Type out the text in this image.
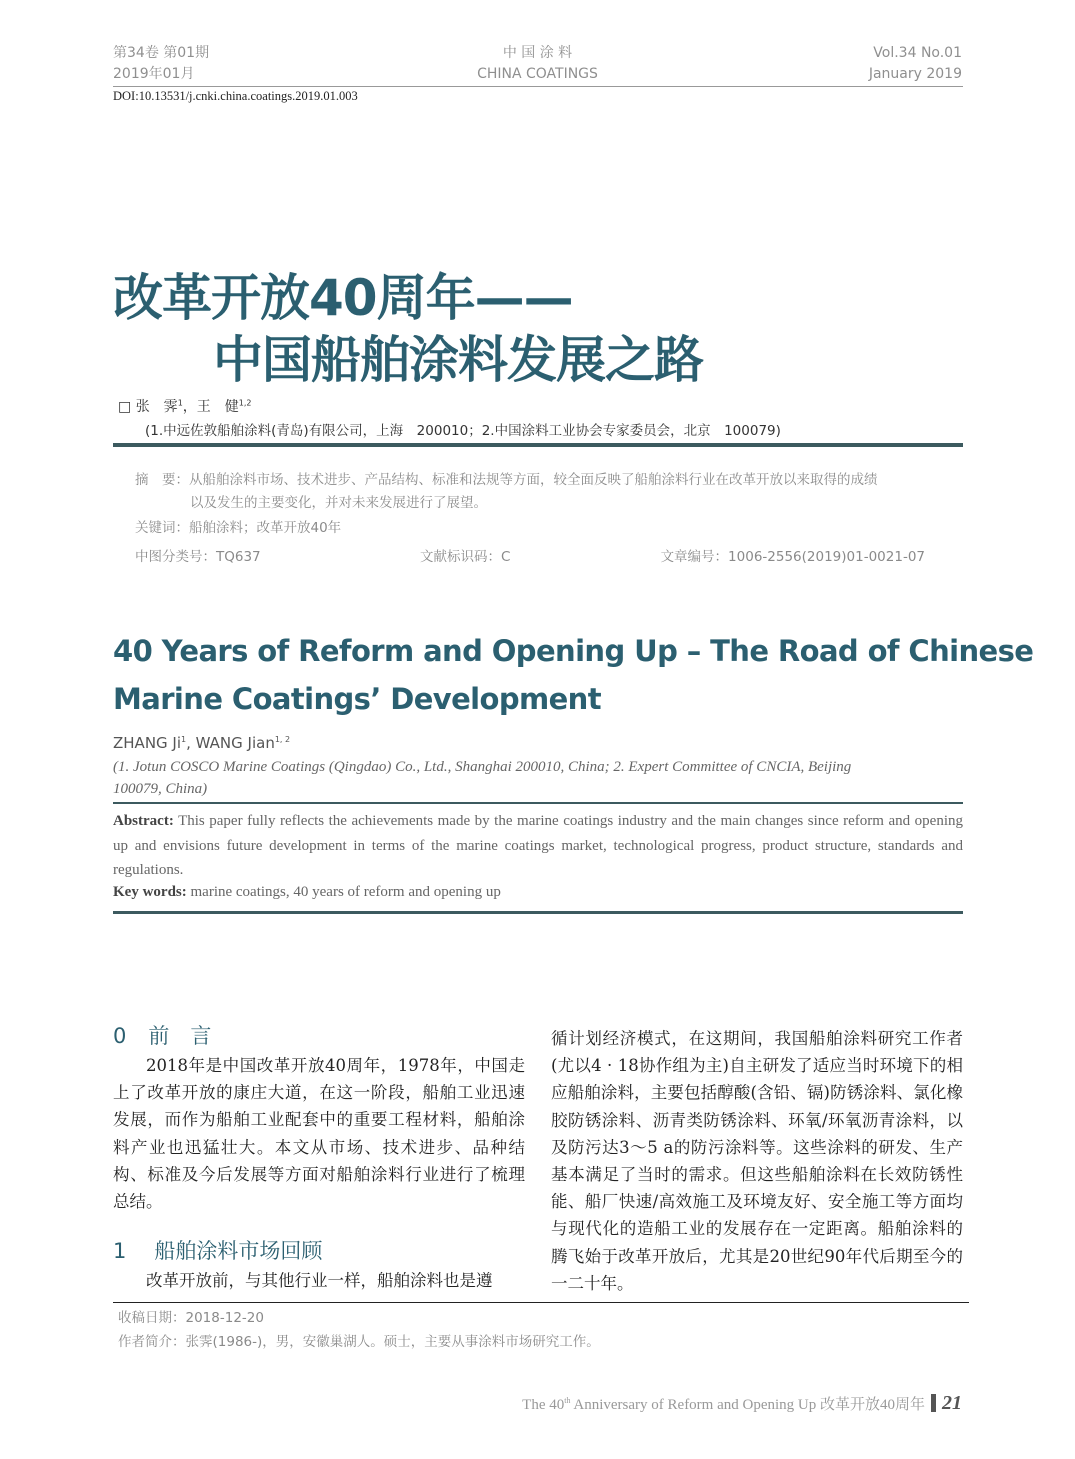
第34卷 第01期
2019年01月
中 国 涂 料
CHINA COATINGS
Vol.34 No.01
January 2019
DOI:10.13531/j.cnki.china.coatings.2019.01.003
改革开放40周年——
中国船舶涂料发展之路
□ 张　霁$^1$，王　健$^{1,2}$
(1.中远佐敦船舶涂料(青岛)有限公司，上海　200010；2.中国涂料工业协会专家委员会，北京　100079)
摘　要：从船舶涂料市场、技术进步、产品结构、标准和法规等方面，较全面反映了船舶涂料行业在改革开放以来取得的成绩
以及发生的主要变化，并对未来发展进行了展望。
关键词：船舶涂料；改革开放40年
中图分类号：TQ637	文献标识码：C	文章编号：1006-2556(2019)01-0021-07
40 Years of Reform and Opening Up – The Road of Chinese
Marine Coatings’ Development
ZHANG Ji$^1$, WANG Jian$^{1, 2}$
(1. Jotun COSCO Marine Coatings (Qingdao) Co., Ltd., Shanghai 200010, China; 2. Expert Committee of CNCIA, Beijing
100079, China)
Abstract: This paper fully reflects the achievements made by the marine coatings industry and the main changes since reform and opening up and envisions future development in terms of the marine coatings market, technological progress, product structure, standards and regulations.
Key words: marine coatings, 40 years of reform and opening up
0 前　言

2018年是中国改革开放40周年，1978年，中国走上了改革开放的康庄大道，在这一阶段，船舶工业迅速发展，而作为船舶工业配套中的重要工程材料，船舶涂料产业也迅猛壮大。本文从市场、技术进步、品种结构、标准及今后发展等方面对船舶涂料行业进行了梳理总结。

1 船舶涂料市场回顾

改革开放前，与其他行业一样，船舶涂料也是遵

循计划经济模式，在这期间，我国船舶涂料研究工作者(尤以4 · 18协作组为主)自主研发了适应当时环境下的相应船舶涂料，主要包括醇酸(含铅、镉)防锈涂料、氯化橡胶防锈涂料、沥青类防锈涂料、环氧/环氧沥青涂料，以及防污达3～5 a的防污涂料等。这些涂料的研发、生产基本满足了当时的需求。但这些船舶涂料在长效防锈性能、船厂快速/高效施工及环境友好、安全施工等方面均与现代化的造船工业的发展存在一定距离。船舶涂料的腾飞始于改革开放后，尤其是20世纪90年代后期至今的一二十年。

收稿日期：2018-12-20
作者简介：张霁(1986-)，男，安徽巢湖人。硕士，主要从事涂料市场研究工作。
The 40th Anniversary of Reform and Opening Up 改革开放40周年 21
